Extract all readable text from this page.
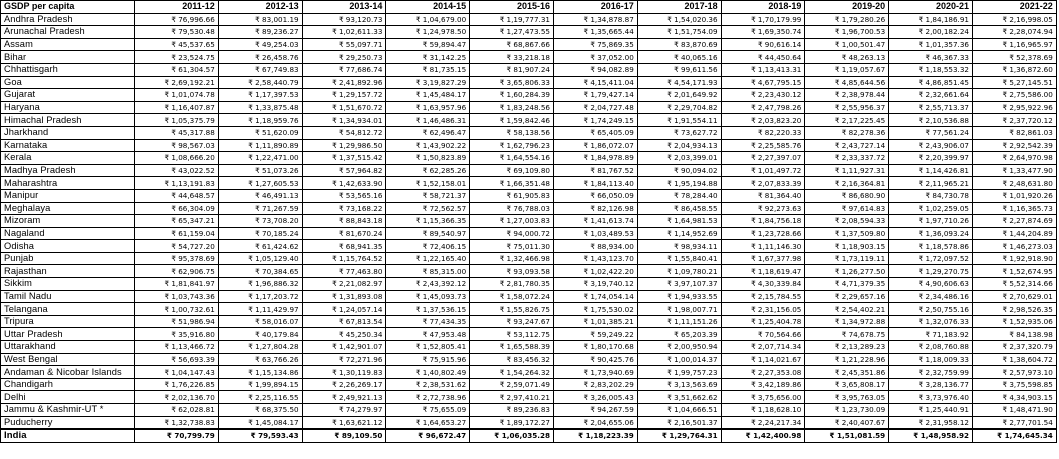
GSDP per capita	2011-12	2012-13	2013-14	2014-15	2015-16	2016-17	2017-18	2018-19	2019-20	2020-21	2021-22
Andhra Pradesh	₹ 76,996.66	₹ 83,001.19	₹ 93,120.73	₹ 1,04,679.00	₹ 1,19,777.31	₹ 1,34,878.87	₹ 1,54,020.36	₹ 1,70,179.99	₹ 1,79,280.26	₹ 1,84,186.91	₹ 2,16,998.05
Arunachal Pradesh	₹ 79,530.48	₹ 89,236.27	₹ 1,02,611.33	₹ 1,24,978.50	₹ 1,27,473.55	₹ 1,35,665.44	₹ 1,51,754.09	₹ 1,69,350.74	₹ 1,96,700.53	₹ 2,00,182.24	₹ 2,28,074.94
Assam	₹ 45,537.65	₹ 49,254.03	₹ 55,097.71	₹ 59,894.47	₹ 68,867.66	₹ 75,869.35	₹ 83,870.69	₹ 90,616.14	₹ 1,00,501.47	₹ 1,01,357.36	₹ 1,16,965.97
Bihar	₹ 23,524.75	₹ 26,458.76	₹ 29,250.73	₹ 31,142.25	₹ 33,218.18	₹ 37,052.00	₹ 40,065.16	₹ 44,450.64	₹ 48,263.13	₹ 46,367.33	₹ 52,378.69
Chhattisgarh	₹ 61,304.57	₹ 67,749.83	₹ 77,686.74	₹ 81,735.15	₹ 81,907.24	₹ 94,082.89	₹ 99,611.56	₹ 1,13,413.31	₹ 1,19,057.67	₹ 1,18,553.32	₹ 1,36,872.60
Goa	₹ 2,69,192.21	₹ 2,58,440.79	₹ 2,41,892.96	₹ 3,19,827.29	₹ 3,65,806.33	₹ 4,15,411.04	₹ 4,54,171.93	₹ 4,67,795.15	₹ 4,85,644.56	₹ 4,86,851.45	₹ 5,27,145.51
Gujarat	₹ 1,01,074.78	₹ 1,17,397.53	₹ 1,29,157.72	₹ 1,45,484.17	₹ 1,60,284.39	₹ 1,79,427.14	₹ 2,01,649.92	₹ 2,23,430.12	₹ 2,38,978.44	₹ 2,32,661.64	₹ 2,75,586.00
Haryana	₹ 1,16,407.87	₹ 1,33,875.48	₹ 1,51,670.72	₹ 1,63,957.96	₹ 1,83,248.56	₹ 2,04,727.48	₹ 2,29,704.82	₹ 2,47,798.26	₹ 2,55,956.37	₹ 2,55,713.37	₹ 2,95,922.96
Himachal Pradesh	₹ 1,05,375.79	₹ 1,18,959.76	₹ 1,34,934.01	₹ 1,46,486.31	₹ 1,59,842.46	₹ 1,74,249.15	₹ 1,91,554.11	₹ 2,03,823.20	₹ 2,17,225.45	₹ 2,10,536.88	₹ 2,37,720.12
Jharkhand	₹ 45,317.88	₹ 51,620.09	₹ 54,812.72	₹ 62,496.47	₹ 58,138.56	₹ 65,405.09	₹ 73,627.72	₹ 82,220.33	₹ 82,278.36	₹ 77,561.24	₹ 82,861.03
Karnataka	₹ 98,567.03	₹ 1,11,890.89	₹ 1,29,986.50	₹ 1,43,902.22	₹ 1,62,796.23	₹ 1,86,072.07	₹ 2,04,934.13	₹ 2,25,585.76	₹ 2,43,727.14	₹ 2,43,906.07	₹ 2,92,542.39
Kerala	₹ 1,08,666.20	₹ 1,22,471.00	₹ 1,37,515.42	₹ 1,50,823.89	₹ 1,64,554.16	₹ 1,84,978.89	₹ 2,03,399.01	₹ 2,27,397.07	₹ 2,33,337.72	₹ 2,20,399.97	₹ 2,64,970.98
Madhya Pradesh	₹ 43,022.52	₹ 51,073.26	₹ 57,964.82	₹ 62,285.26	₹ 69,109.80	₹ 81,767.52	₹ 90,094.02	₹ 1,01,497.72	₹ 1,11,927.31	₹ 1,14,426.81	₹ 1,33,477.90
Maharashtra	₹ 1,13,191.83	₹ 1,27,605.53	₹ 1,42,633.90	₹ 1,52,158.01	₹ 1,66,351.48	₹ 1,84,113.40	₹ 1,95,194.88	₹ 2,07,833.39	₹ 2,16,364.81	₹ 2,11,965.21	₹ 2,48,631.80
Manipur	₹ 44,648.57	₹ 46,491.13	₹ 53,565.16	₹ 58,721.37	₹ 61,905.83	₹ 66,050.09	₹ 78,284.40	₹ 81,364.40	₹ 86,680.90	₹ 84,730.78	₹ 1,01,920.26
Meghalaya	₹ 66,304.09	₹ 71,267.59	₹ 73,168.22	₹ 72,562.57	₹ 76,788.03	₹ 82,126.98	₹ 86,458.55	₹ 92,273.63	₹ 97,614.83	₹ 1,02,259.05	₹ 1,16,365.73
Mizoram	₹ 65,347.21	₹ 73,708.20	₹ 88,843.18	₹ 1,15,366.35	₹ 1,27,003.83	₹ 1,41,613.74	₹ 1,64,981.53	₹ 1,84,756.18	₹ 2,08,594.33	₹ 1,97,710.26	₹ 2,27,874.69
Nagaland	₹ 61,159.04	₹ 70,185.24	₹ 81,670.24	₹ 89,540.97	₹ 94,000.72	₹ 1,03,489.53	₹ 1,14,952.69	₹ 1,23,728.66	₹ 1,37,509.80	₹ 1,36,093.24	₹ 1,44,204.89
Odisha	₹ 54,727.20	₹ 61,424.62	₹ 68,941.35	₹ 72,406.15	₹ 75,011.30	₹ 88,934.00	₹ 98,934.11	₹ 1,11,146.30	₹ 1,18,903.15	₹ 1,18,578.86	₹ 1,46,273.03
Punjab	₹ 95,378.69	₹ 1,05,129.40	₹ 1,15,764.52	₹ 1,22,165.40	₹ 1,32,466.98	₹ 1,43,123.70	₹ 1,55,840.41	₹ 1,67,377.98	₹ 1,73,119.11	₹ 1,72,097.52	₹ 1,92,918.90
Rajasthan	₹ 62,906.75	₹ 70,384.65	₹ 77,463.80	₹ 85,315.00	₹ 93,093.58	₹ 1,02,422.20	₹ 1,09,780.21	₹ 1,18,619.47	₹ 1,26,277.50	₹ 1,29,270.75	₹ 1,52,674.95
Sikkim	₹ 1,81,841.97	₹ 1,96,886.32	₹ 2,21,082.97	₹ 2,43,392.12	₹ 2,81,780.35	₹ 3,19,740.12	₹ 3,97,107.37	₹ 4,30,339.84	₹ 4,71,379.35	₹ 4,90,606.63	₹ 5,52,314.66
Tamil Nadu	₹ 1,03,743.36	₹ 1,17,203.72	₹ 1,31,893.08	₹ 1,45,093.73	₹ 1,58,072.24	₹ 1,74,054.14	₹ 1,94,933.55	₹ 2,15,784.55	₹ 2,29,657.16	₹ 2,34,486.16	₹ 2,70,629.01
Telangana	₹ 1,00,732.61	₹ 1,11,429.97	₹ 1,24,057.14	₹ 1,37,536.15	₹ 1,55,826.75	₹ 1,75,530.02	₹ 1,98,007.71	₹ 2,31,156.05	₹ 2,54,402.21	₹ 2,50,755.16	₹ 2,98,526.35
Tripura	₹ 51,986.94	₹ 58,016.07	₹ 67,813.54	₹ 77,434.35	₹ 93,247.67	₹ 1,01,385.21	₹ 1,11,151.26	₹ 1,25,404.78	₹ 1,34,972.88	₹ 1,32,076.33	₹ 1,52,935.06
Uttar Pradesh	₹ 35,916.80	₹ 40,179.84	₹ 45,250.34	₹ 47,953.48	₹ 53,112.75	₹ 59,249.22	₹ 65,203.39	₹ 70,564.66	₹ 74,678.75	₹ 71,183.92	₹ 84,138.98
Uttarakhand	₹ 1,13,466.72	₹ 1,27,804.28	₹ 1,42,901.07	₹ 1,52,805.41	₹ 1,65,588.39	₹ 1,80,170.68	₹ 2,00,950.94	₹ 2,07,714.34	₹ 2,13,289.23	₹ 2,08,760.88	₹ 2,37,320.79
West Bengal	₹ 56,693.39	₹ 63,766.26	₹ 72,271.96	₹ 75,915.96	₹ 83,456.32	₹ 90,425.76	₹ 1,00,014.37	₹ 1,14,021.67	₹ 1,21,228.96	₹ 1,18,009.33	₹ 1,38,604.72
Andaman & Nicobar Islands	₹ 1,04,147.43	₹ 1,15,134.86	₹ 1,30,119.83	₹ 1,40,802.49	₹ 1,54,264.32	₹ 1,73,940.69	₹ 1,99,757.23	₹ 2,27,353.08	₹ 2,45,351.86	₹ 2,32,759.99	₹ 2,57,973.10
Chandigarh	₹ 1,76,226.85	₹ 1,99,894.15	₹ 2,26,269.17	₹ 2,38,531.62	₹ 2,59,071.49	₹ 2,83,202.29	₹ 3,13,563.69	₹ 3,42,189.86	₹ 3,65,808.17	₹ 3,28,136.77	₹ 3,75,598.85
Delhi	₹ 2,02,136.70	₹ 2,25,116.55	₹ 2,49,921.13	₹ 2,72,738.96	₹ 2,97,410.21	₹ 3,26,005.43	₹ 3,51,662.62	₹ 3,75,656.00	₹ 3,95,763.05	₹ 3,73,976.40	₹ 4,34,903.15
Jammu & Kashmir-UT *	₹ 62,028.81	₹ 68,375.50	₹ 74,279.97	₹ 75,655.09	₹ 89,236.83	₹ 94,267.59	₹ 1,04,666.51	₹ 1,18,628.10	₹ 1,23,730.09	₹ 1,25,440.91	₹ 1,48,471.90
Puducherry	₹ 1,32,738.83	₹ 1,45,084.17	₹ 1,63,621.12	₹ 1,64,653.27	₹ 1,89,172.27	₹ 2,04,655.06	₹ 2,16,501.37	₹ 2,24,217.34	₹ 2,40,407.67	₹ 2,31,958.12	₹ 2,77,701.54
India	₹ 70,799.79	₹ 79,593.43	₹ 89,109.50	₹ 96,672.47	₹ 1,06,035.28	₹ 1,18,223.39	₹ 1,29,764.31	₹ 1,42,400.98	₹ 1,51,081.59	₹ 1,48,958.92	₹ 1,74,645.34
